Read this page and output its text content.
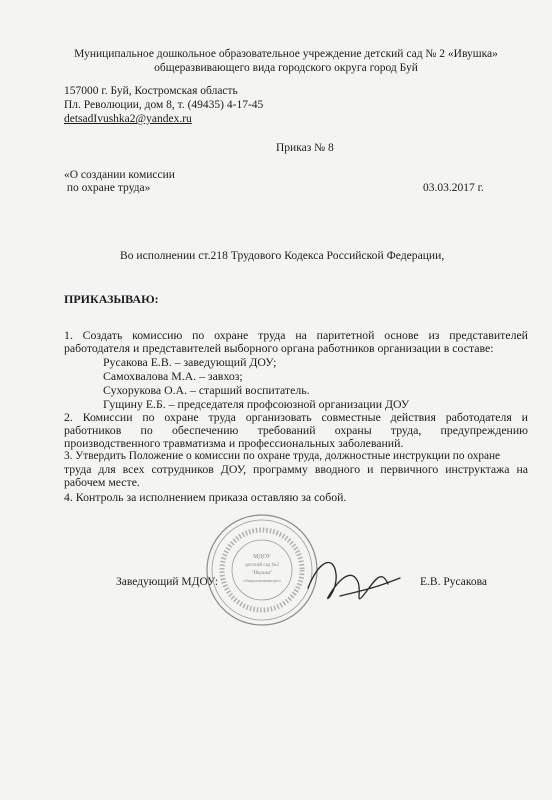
Муниципальное дошкольное образовательное учреждение детский сад № 2 «Ивушка»
общеразвивающего вида городского округа город Буй
157000 г. Буй, Костромская область
Пл. Революции, дом 8, т. (49435) 4-17-45
detsadIvushka2@yandex.ru
Приказ № 8
«О создании комиссии
по охране труда»	03.03.2017 г.
Во исполнении ст.218 Трудового Кодекса Российской Федерации,
ПРИКАЗЫВАЮ:
1. Создать комиссию по охране труда на паритетной основе из представителей
работодателя и представителей выборного органа работников организации в составе:
Русакова Е.В. – заведующий ДОУ;
Самохвалова М.А. – завхоз;
Сухорукова О.А. – старший воспитатель.
Гущину Е.Б. – председателя профсоюзной организации ДОУ
2. Комиссии по охране труда организовать совместные действия работодателя и
работников по обеспечению требований охраны труда, предупреждению
производственного травматизма и профессиональных заболеваний.
3. Утвердить Положение о комиссии по охране труда, должностные инструкции по охране
труда для всех сотрудников ДОУ, программу вводного и первичного инструктажа на
рабочем месте.
4. Контроль за исполнением приказа оставляю за собой.
МДОУ
детский сад №2
"Ивушка"
общеразвивающего
Заведующий МДОУ:	Е.В. Русакова
